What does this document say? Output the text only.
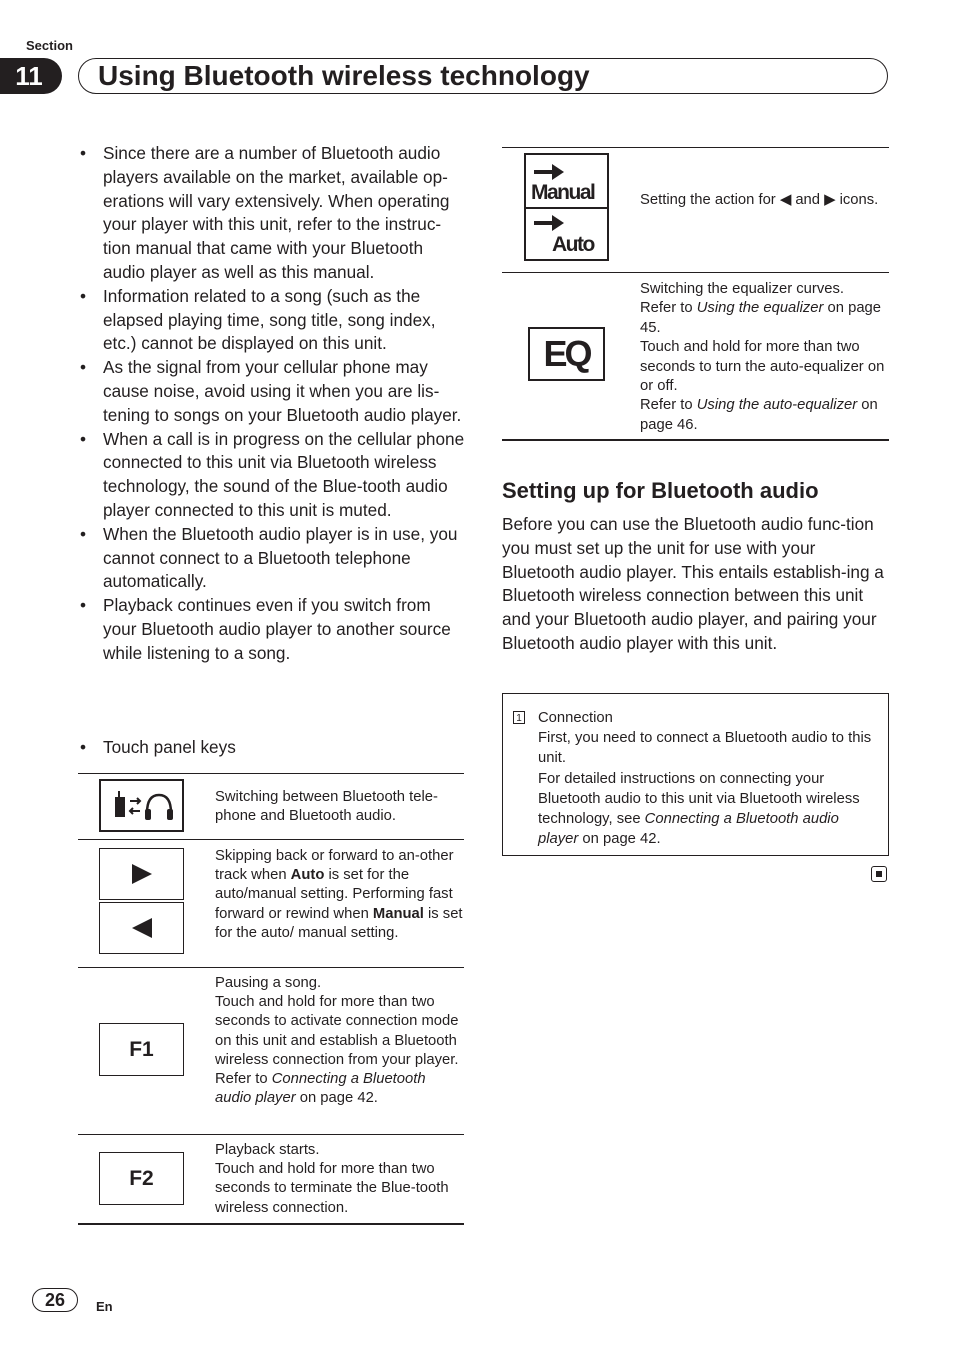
Section
11	Using Bluetooth wireless technology
• Since there are a number of Bluetooth audio players available on the market, available op-erations will vary extensively. When operating your player with this unit, refer to the instruc-tion manual that came with your Bluetooth audio player as well as this manual.
• Information related to a song (such as the elapsed playing time, song title, song index, etc.) cannot be displayed on this unit.
• As the signal from your cellular phone may cause noise, avoid using it when you are lis-tening to songs on your Bluetooth audio player.
• When a call is in progress on the cellular phone connected to this unit via Bluetooth wireless technology, the sound of the Blue-tooth audio player connected to this unit is muted.
• When the Bluetooth audio player is in use, you cannot connect to a Bluetooth telephone automatically.
• Playback continues even if you switch from your Bluetooth audio player to another source while listening to a song.
• Touch panel keys
Switching between Bluetooth tele-phone and Bluetooth audio.
Skipping back or forward to an-other track when Auto is set for the auto/manual setting. Performing fast forward or rewind when Manual is set for the auto/ manual setting.
F1
Pausing a song.
Touch and hold for more than two seconds to activate connection mode on this unit and establish a Bluetooth wireless connection from your player.
Refer to Connecting a Bluetooth audio player on page 42.
F2
Playback starts.
Touch and hold for more than two seconds to terminate the Blue-tooth wireless connection.
Manual
Auto
Setting the action for ◀ and ▶ icons.
EQ
Switching the equalizer curves.
Refer to Using the equalizer on page 45.
Touch and hold for more than two seconds to turn the auto-equalizer on or off.
Refer to Using the auto-equalizer on page 46.
Setting up for Bluetooth audio
Before you can use the Bluetooth audio func-tion you must set up the unit for use with your Bluetooth audio player. This entails establish-ing a Bluetooth wireless connection between this unit and your Bluetooth audio player, and pairing your Bluetooth audio player with this unit.
1 Connection
First, you need to connect a Bluetooth audio to this unit.
For detailed instructions on connecting your Bluetooth audio to this unit via Bluetooth wireless technology, see Connecting a Bluetooth audio player on page 42.
26	En
